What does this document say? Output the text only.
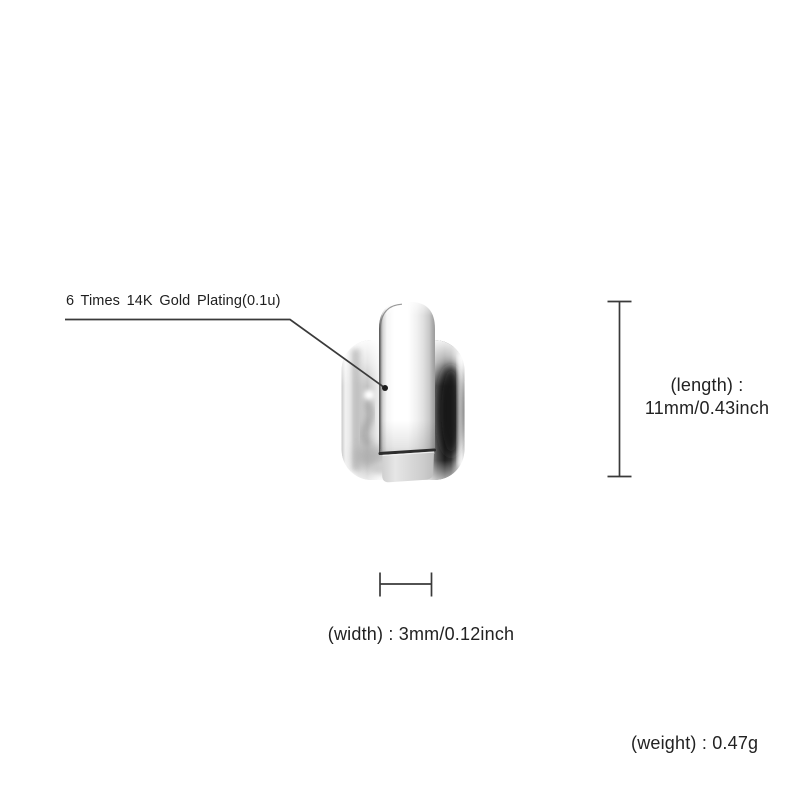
6 Times 14K Gold Plating(0.1u)
(length) :
11mm/0.43inch
(width) : 3mm/0.12inch
(weight) : 0.47g
